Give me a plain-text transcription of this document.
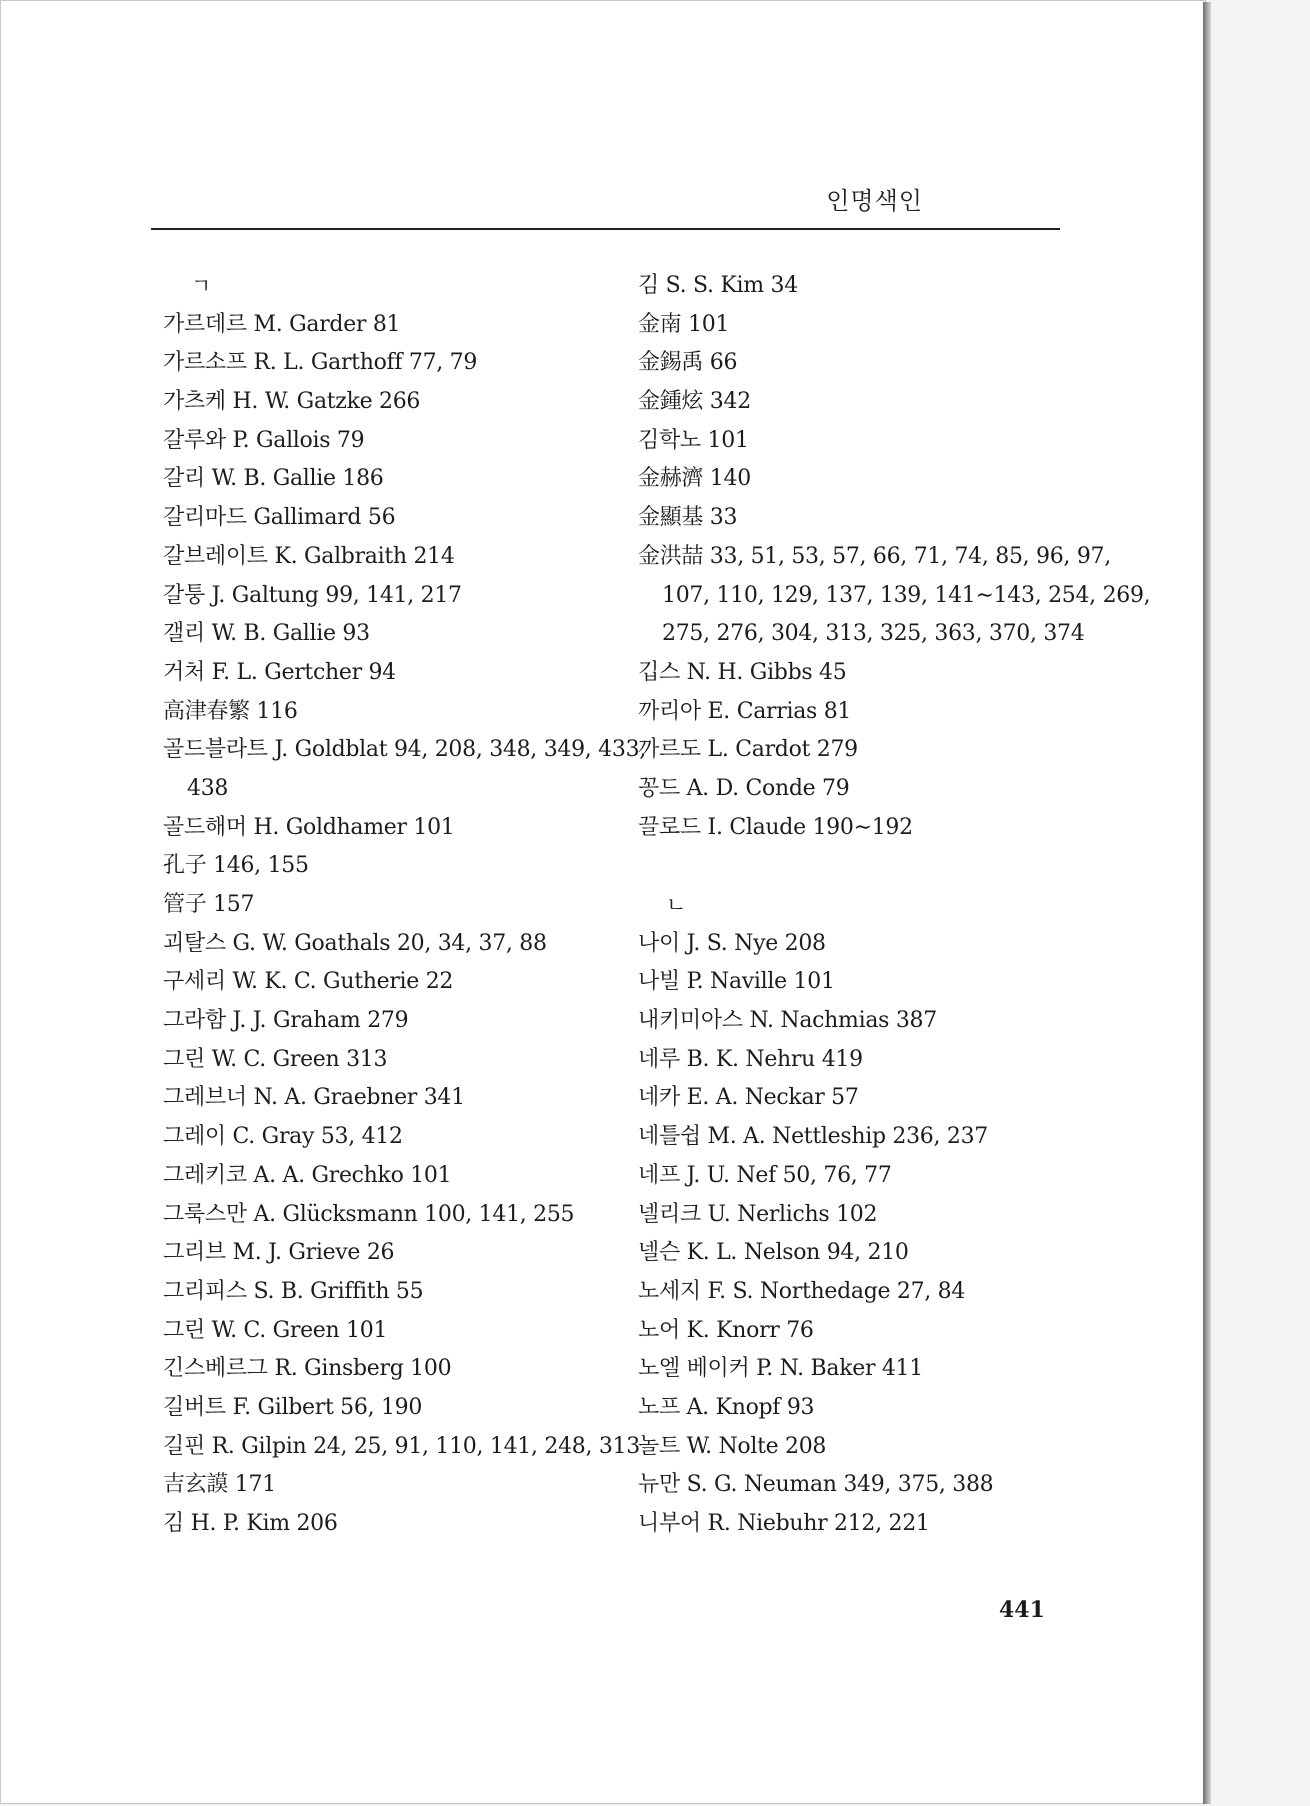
인명색인
ㄱ
가르데르 M. Garder 81
가르소프 R. L. Garthoff 77, 79
가츠케 H. W. Gatzke 266
갈루와 P. Gallois 79
갈리 W. B. Gallie 186
갈리마드 Gallimard 56
갈브레이트 K. Galbraith 214
갈퉁 J. Galtung 99, 141, 217
갤리 W. B. Gallie 93
거처 F. L. Gertcher 94
高津春繁 116
골드블라트 J. Goldblat 94, 208, 348, 349, 433,
438
골드해머 H. Goldhamer 101
孔子 146, 155
管子 157
괴탈스 G. W. Goathals 20, 34, 37, 88
구세리 W. K. C. Gutherie 22
그라함 J. J. Graham 279
그린 W. C. Green 313
그레브너 N. A. Graebner 341
그레이 C. Gray 53, 412
그레키코 A. A. Grechko 101
그룩스만 A. Glücksmann 100, 141, 255
그리브 M. J. Grieve 26
그리피스 S. B. Griffith 55
그린 W. C. Green 101
긴스베르그 R. Ginsberg 100
길버트 F. Gilbert 56, 190
길핀 R. Gilpin 24, 25, 91, 110, 141, 248, 313
吉玄謨 171
김 H. P. Kim 206
김 S. S. Kim 34
金南 101
金錫禹 66
金鍾炫 342
김학노 101
金赫濟 140
金顯基 33
金洪喆 33, 51, 53, 57, 66, 71, 74, 85, 96, 97,
107, 110, 129, 137, 139, 141∼143, 254, 269,
275, 276, 304, 313, 325, 363, 370, 374
깁스 N. H. Gibbs 45
까리아 E. Carrias 81
까르도 L. Cardot 279
꽁드 A. D. Conde 79
끌로드 I. Claude 190∼192
ㄴ
나이 J. S. Nye 208
나빌 P. Naville 101
내키미아스 N. Nachmias 387
네루 B. K. Nehru 419
네카 E. A. Neckar 57
네틀쉽 M. A. Nettleship 236, 237
네프 J. U. Nef 50, 76, 77
넬리크 U. Nerlichs 102
넬슨 K. L. Nelson 94, 210
노세지 F. S. Northedage 27, 84
노어 K. Knorr 76
노엘 베이커 P. N. Baker 411
노프 A. Knopf 93
놀트 W. Nolte 208
뉴만 S. G. Neuman 349, 375, 388
니부어 R. Niebuhr 212, 221
441
